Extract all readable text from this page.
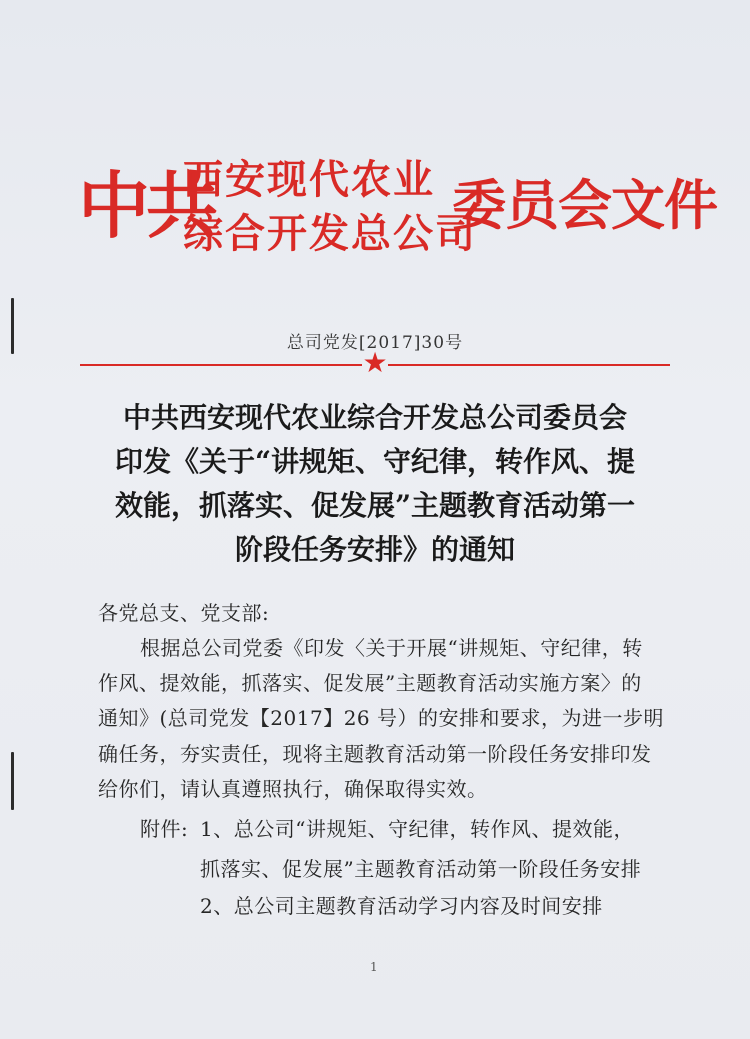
中共
西安现代农业
综合开发总公司
委员会文件
总司党发[2017]30号
★
中共西安现代农业综合开发总公司委员会
印发《关于“讲规矩、守纪律，转作风、提
效能，抓落实、促发展”主题教育活动第一
阶段任务安排》的通知
各党总支、党支部:
根据总公司党委《印发〈关于开展“讲规矩、守纪律，转
作风、提效能，抓落实、促发展”主题教育活动实施方案〉的
通知》(总司党发【2017】26 号）的安排和要求，为进一步明
确任务，夯实责任，现将主题教育活动第一阶段任务安排印发
给你们，请认真遵照执行，确保取得实效。
附件: 1、总公司“讲规矩、守纪律，转作风、提效能，
抓落实、促发展”主题教育活动第一阶段任务安排
2、总公司主题教育活动学习内容及时间安排
1
